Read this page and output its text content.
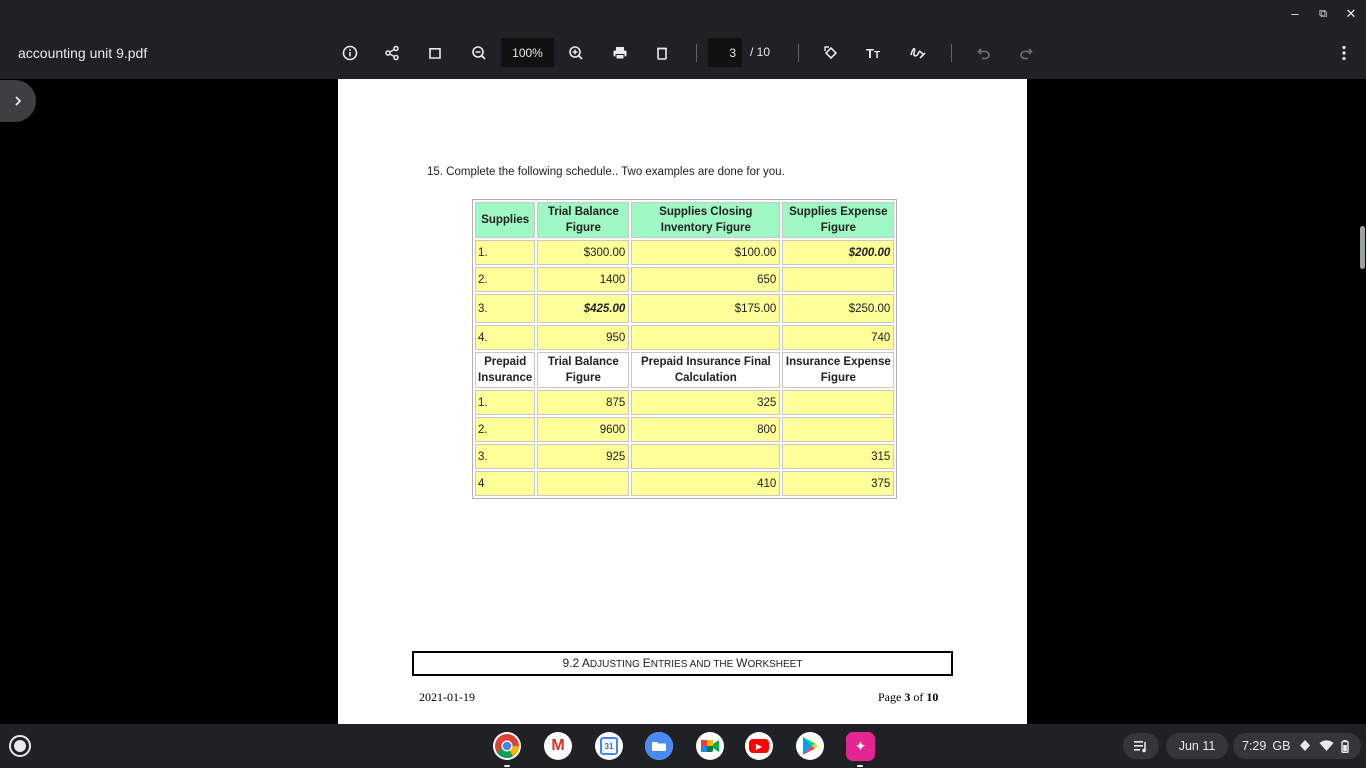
–	⧉	✕
accounting unit 9.pdf	100%	3	/ 10	T T
15. Complete the following schedule.. Two examples are done for you.
Supplies	Trial Balance Figure	Supplies Closing Inventory Figure	Supplies Expense Figure
1.	$300.00	$100.00	$200.00
2.	1400	650	
3.	$425.00	$175.00	$250.00
4.	950		740
Prepaid Insurance	Trial Balance Figure	Prepaid Insurance Final Calculation	Insurance Expense Figure
1.	875	325	
2.	9600	800	
3.	925		315
4		410	375
9.2 ADJUSTING ENTRIES AND THE WORKSHEET
2021-01-19	Page 3 of 10
M	31	▶	✦	Jun 11	7:29 GB
